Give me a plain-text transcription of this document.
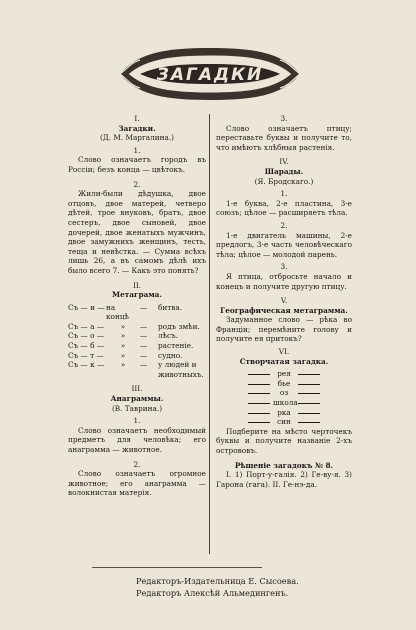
ЗАГАДКИ
I.
Загадки.
(Д. М. Маргалина.)
1.
Слово означаетъ городъ въ Россіи; безъ конца — цвѣтокъ.
2.
Жили-были дѣдушка, двое отцовъ, двое матерей, четверо дѣтей, трое внуковъ, братъ, двое сестеръ, двое сыновей, двое дочерей, двое женатыхъ мужчинъ, двое замужнихъ женщинъ, тесть, теща и невѣстка. — Сумма всѣхъ лишь 26, а въ самомъ дѣлѣ ихъ было всего 7. — Какъ это понять?
II.
Метаграма.
Съ — и — на концѣ
—	битва.
Съ — а —	»	—	родъ змѣи.
Съ — о —	»	—	лѣсъ.
Съ — б —	»	—	растеніе.
Съ — т —	»	—	судно.
Съ — к —	»	—	у людей и животныхъ.
III.
Анаграммы.
(В. Таврина.)
1.
Слово означаетъ необходимый предметъ для человѣка; его анаграмма — животное.
2.
Слово означаетъ огромное животное; его анаграмма — волокнистая матерія.
3.
Слово означаетъ птицу; переставьте буквы и получите то, что имѣютъ хлѣбныя растенія.
IV.
Шарады.
(Я. Бродскаго.)
1.
1-е буква, 2-е пластина, 3-е союзъ; цѣлое — расширяетъ тѣла.
2.
1-е двигатель машины, 2-е предлогъ, 3-е часть человѣческаго тѣла; цѣлое — молодой парень.
3.
Я птица, отбросьте начало и конецъ и получите другую птицу.
V.
Географическая метаграмма.
Задуманное слово — рѣка во Франціи; перемѣните голову и получите ея притокъ?
VI.
Створчатая загадка.
рея
бье
оз
школа
рка
син
Подберите на мѣсто черточекъ буквы и получите названіе 2-хъ острововъ.
Рѣшеніе загадокъ № 8.
I. 1) Порт-у-галія. 2) Ге-ву-я. 3) Гарона (гага). II. Ге-нэ-да.
Редакторъ-Издательница Е. Сысоева.
Редакторъ Алексѣй Альмедингенъ.
